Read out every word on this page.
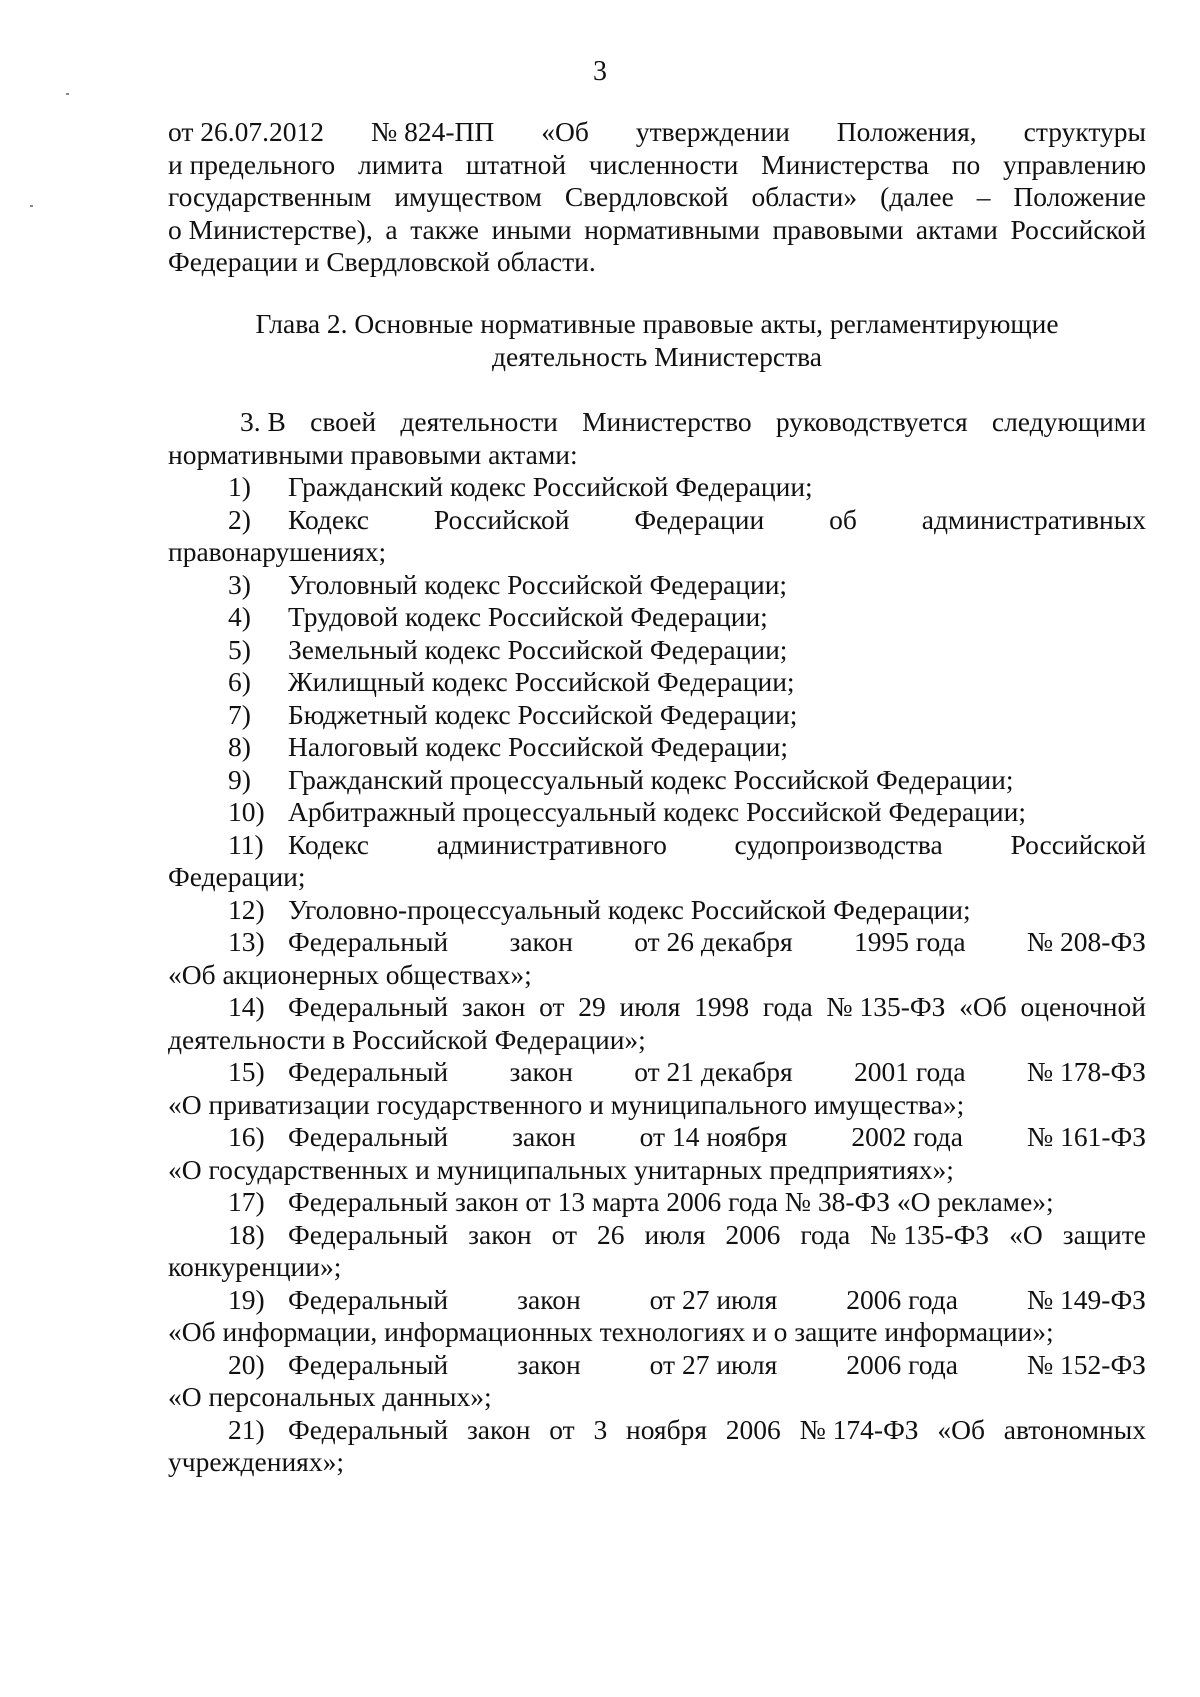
3
от 26.07.2012 № 824-ПП «Об утверждении Положения, структуры
и предельного лимита штатной численности Министерства по управлению
государственным имуществом Свердловской области» (далее – Положение
о Министерстве), а также иными нормативными правовыми актами Российской
Федерации и Свердловской области.
Глава 2. Основные нормативные правовые акты, регламентирующие
деятельность Министерства
3. В своей деятельности Министерство руководствуется следующими
нормативными правовыми актами:
1)	Гражданский кодекс Российской Федерации;
2)	Кодекс Российской Федерации об административных
правонарушениях;
3)	Уголовный кодекс Российской Федерации;
4)	Трудовой кодекс Российской Федерации;
5)	Земельный кодекс Российской Федерации;
6)	Жилищный кодекс Российской Федерации;
7)	Бюджетный кодекс Российской Федерации;
8)	Налоговый кодекс Российской Федерации;
9)	Гражданский процессуальный кодекс Российской Федерации;
10) Арбитражный процессуальный кодекс Российской Федерации;
11) Кодекс административного судопроизводства Российской
Федерации;
12) Уголовно-процессуальный кодекс Российской Федерации;
13) Федеральный закон от 26 декабря 1995 года № 208-ФЗ
«Об акционерных обществах»;
14) Федеральный закон от 29 июля 1998 года № 135-ФЗ «Об оценочной
деятельности в Российской Федерации»;
15) Федеральный закон от 21 декабря 2001 года № 178-ФЗ
«О приватизации государственного и муниципального имущества»;
16) Федеральный закон от 14 ноября 2002 года № 161-ФЗ
«О государственных и муниципальных унитарных предприятиях»;
17) Федеральный закон от 13 марта 2006 года № 38-ФЗ «О рекламе»;
18) Федеральный закон от 26 июля 2006 года № 135-ФЗ «О защите
конкуренции»;
19) Федеральный	закон	от 27 июля	2006 года	№ 149-ФЗ
«Об информации, информационных технологиях и о защите информации»;
20) Федеральный	закон	от 27 июля	2006 года	№ 152-ФЗ
«О персональных данных»;
21) Федеральный закон от 3 ноября 2006 № 174-ФЗ «Об автономных
учреждениях»;
